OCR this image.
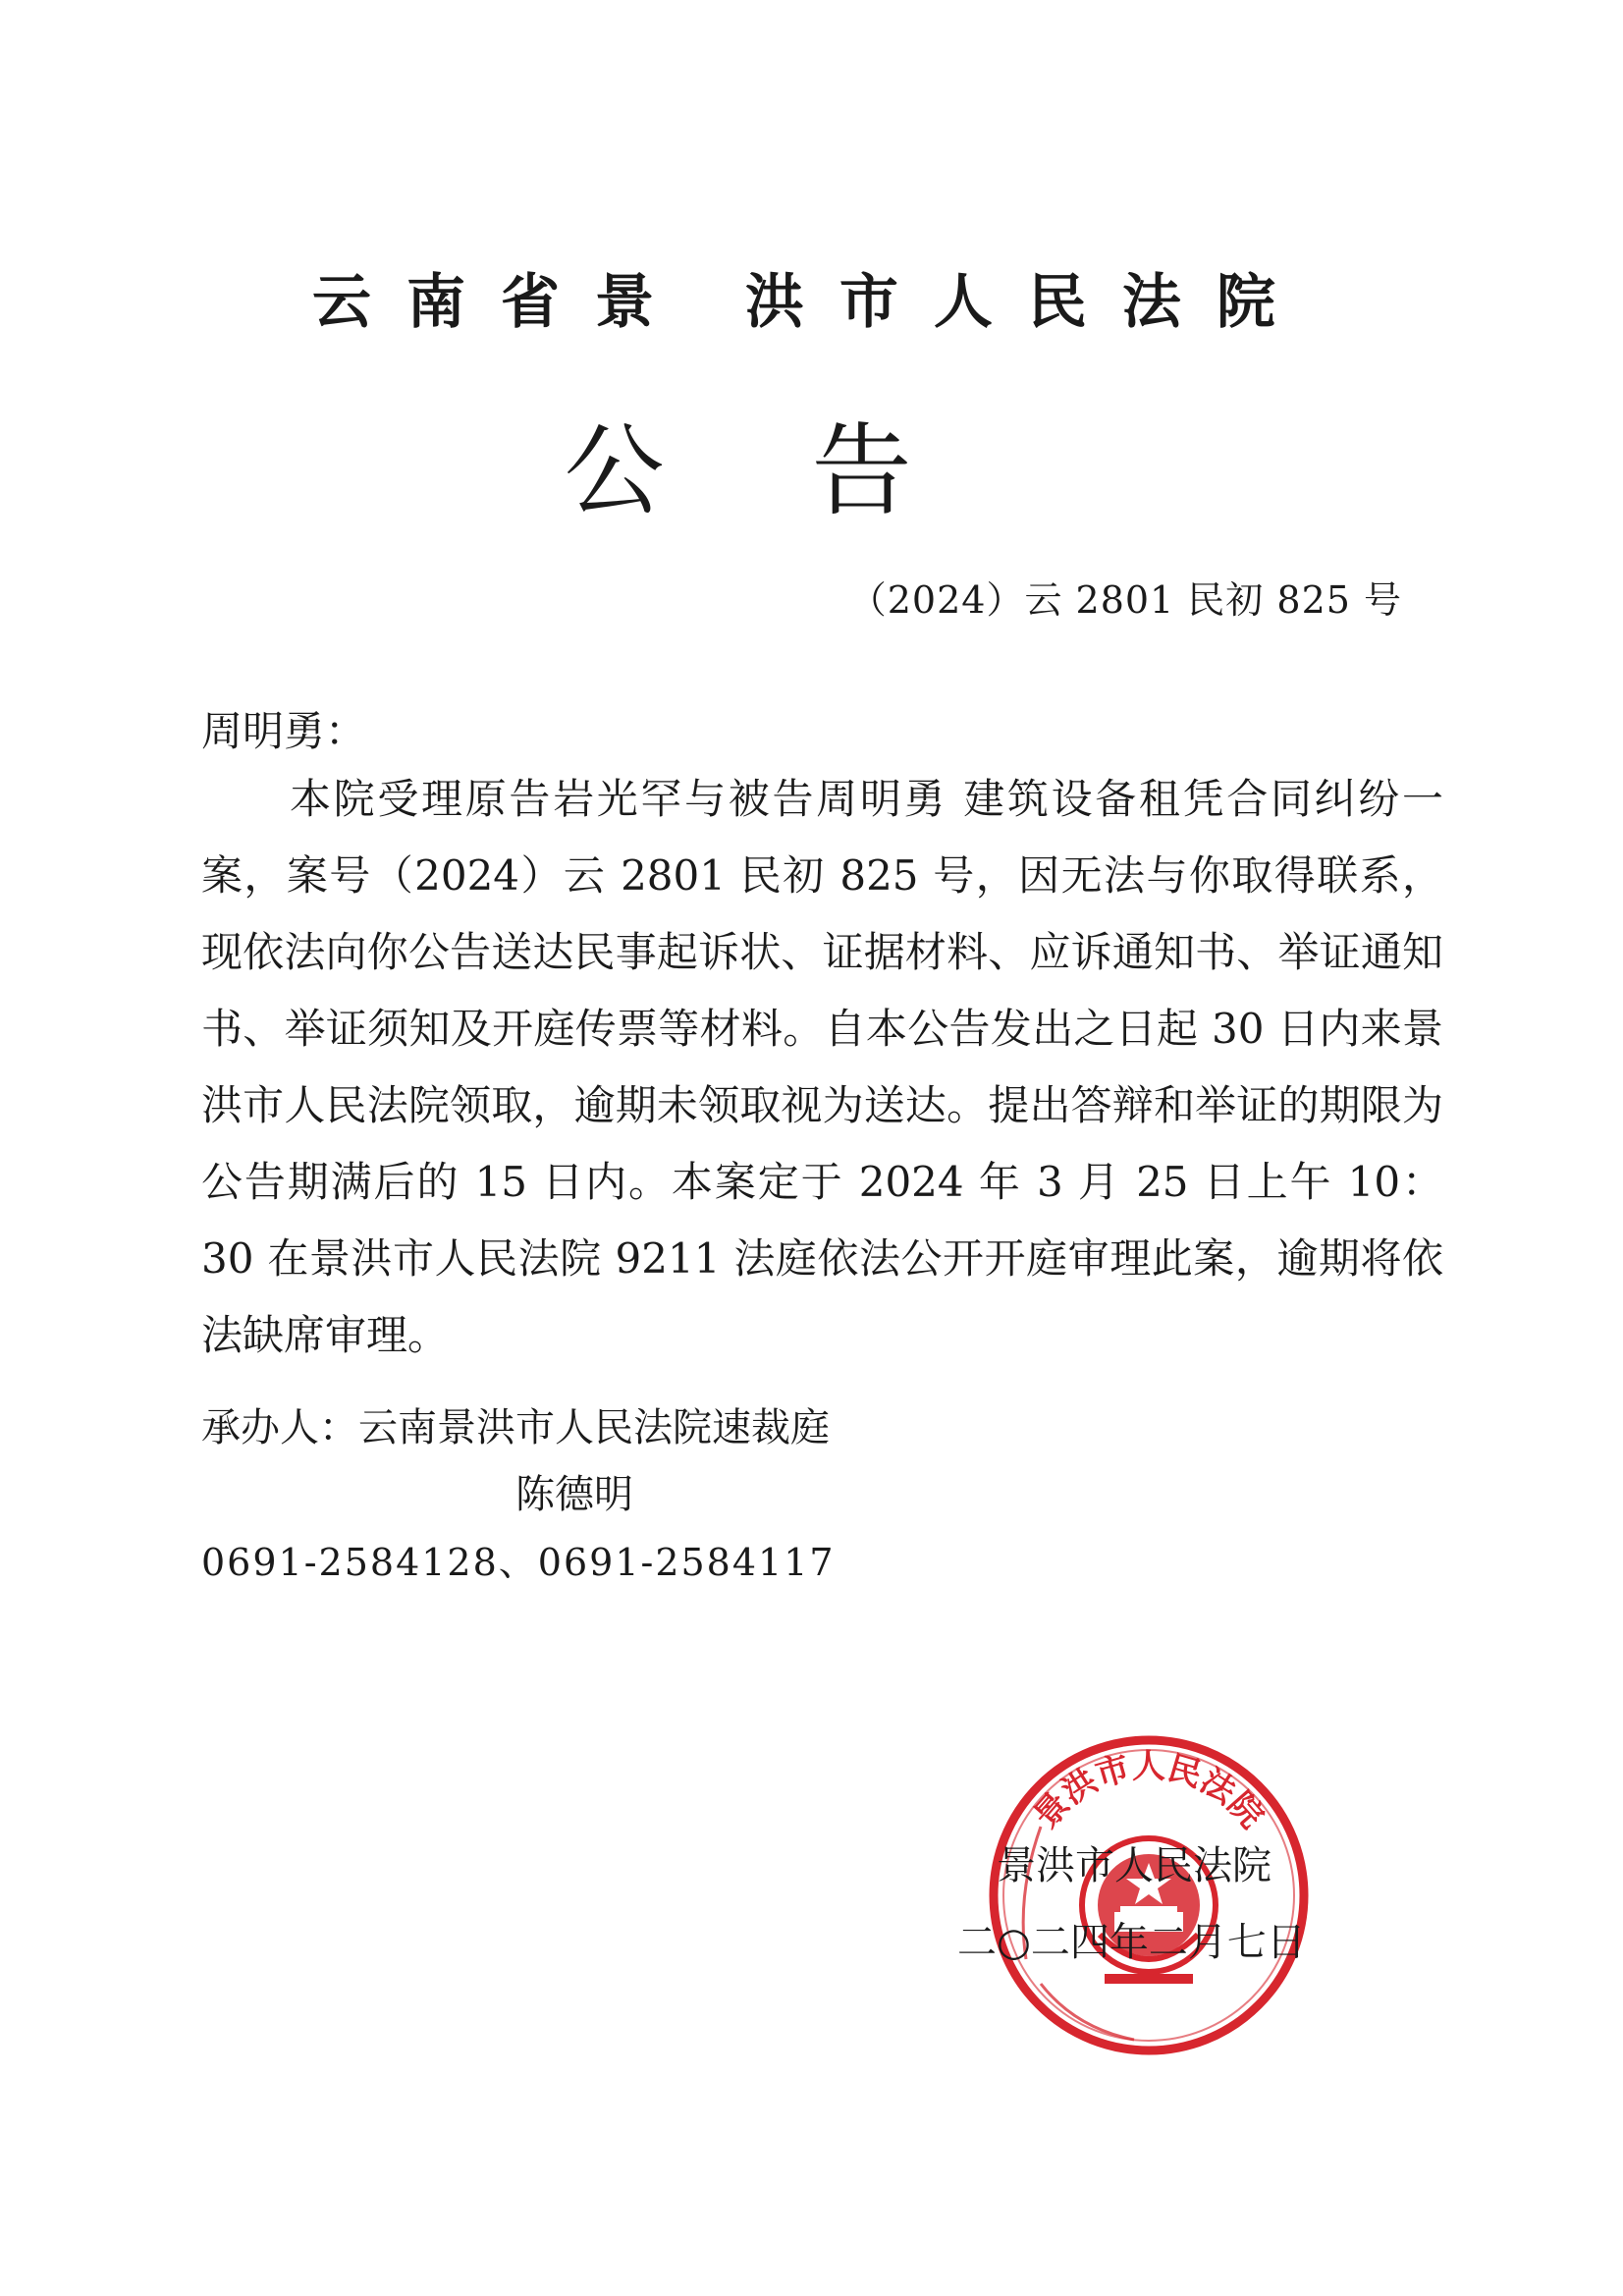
云南省景 洪市人民法院
公告
（2024）云 2801 民初 825 号
周明勇：
本院受理原告岩光罕与被告周明勇 建筑设备租凭合同纠纷一案，案号（2024）云 2801 民初 825 号，因无法与你取得联系，现依法向你公告送达民事起诉状、证据材料、应诉通知书、举证通知书、举证须知及开庭传票等材料。自本公告发出之日起 30 日内来景洪市人民法院领取，逾期未领取视为送达。提出答辩和举证的期限为公告期满后的 15 日内。本案定于 2024 年 3 月 25 日上午 10：30 在景洪市人民法院 9211 法庭依法公开开庭审理此案，逾期将依法缺席审理。
承办人：云南景洪市人民法院速裁庭
陈德明
0691-2584128、0691-2584117
景洪市人民法院
景洪市人民法院
二○二四年二月七日
